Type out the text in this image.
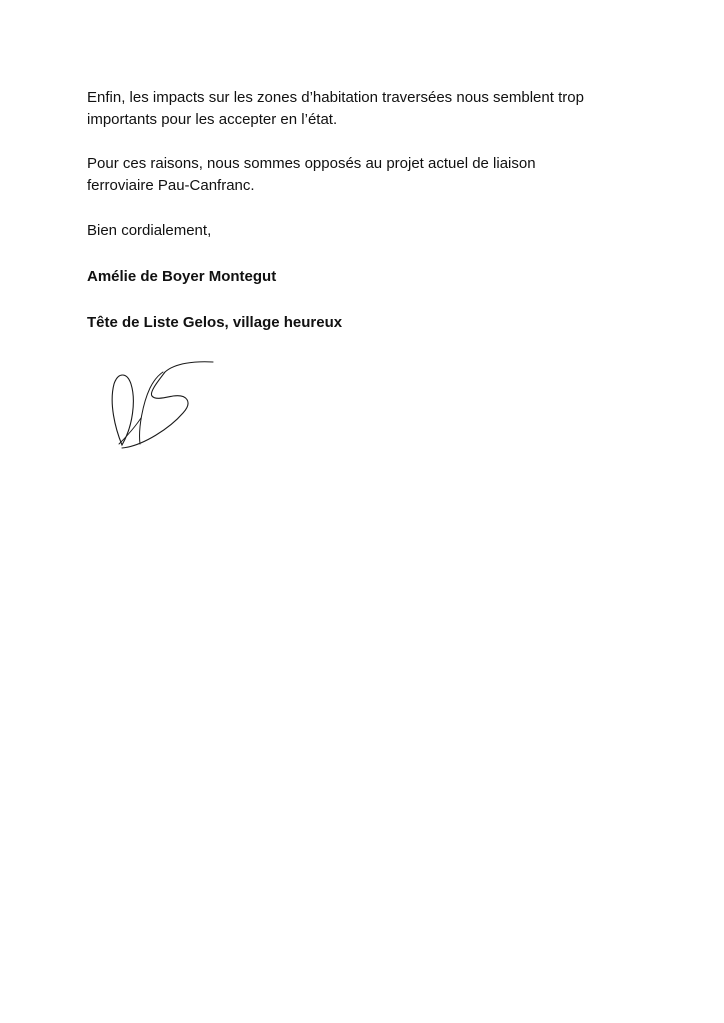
Enfin, les impacts sur les zones d’habitation traversées nous semblent trop
importants pour les accepter en l’état.

Pour ces raisons, nous sommes opposés au projet actuel de liaison
ferroviaire Pau-Canfranc.

Bien cordialement,

Amélie de Boyer Montegut

Tête de Liste Gelos, village heureux
